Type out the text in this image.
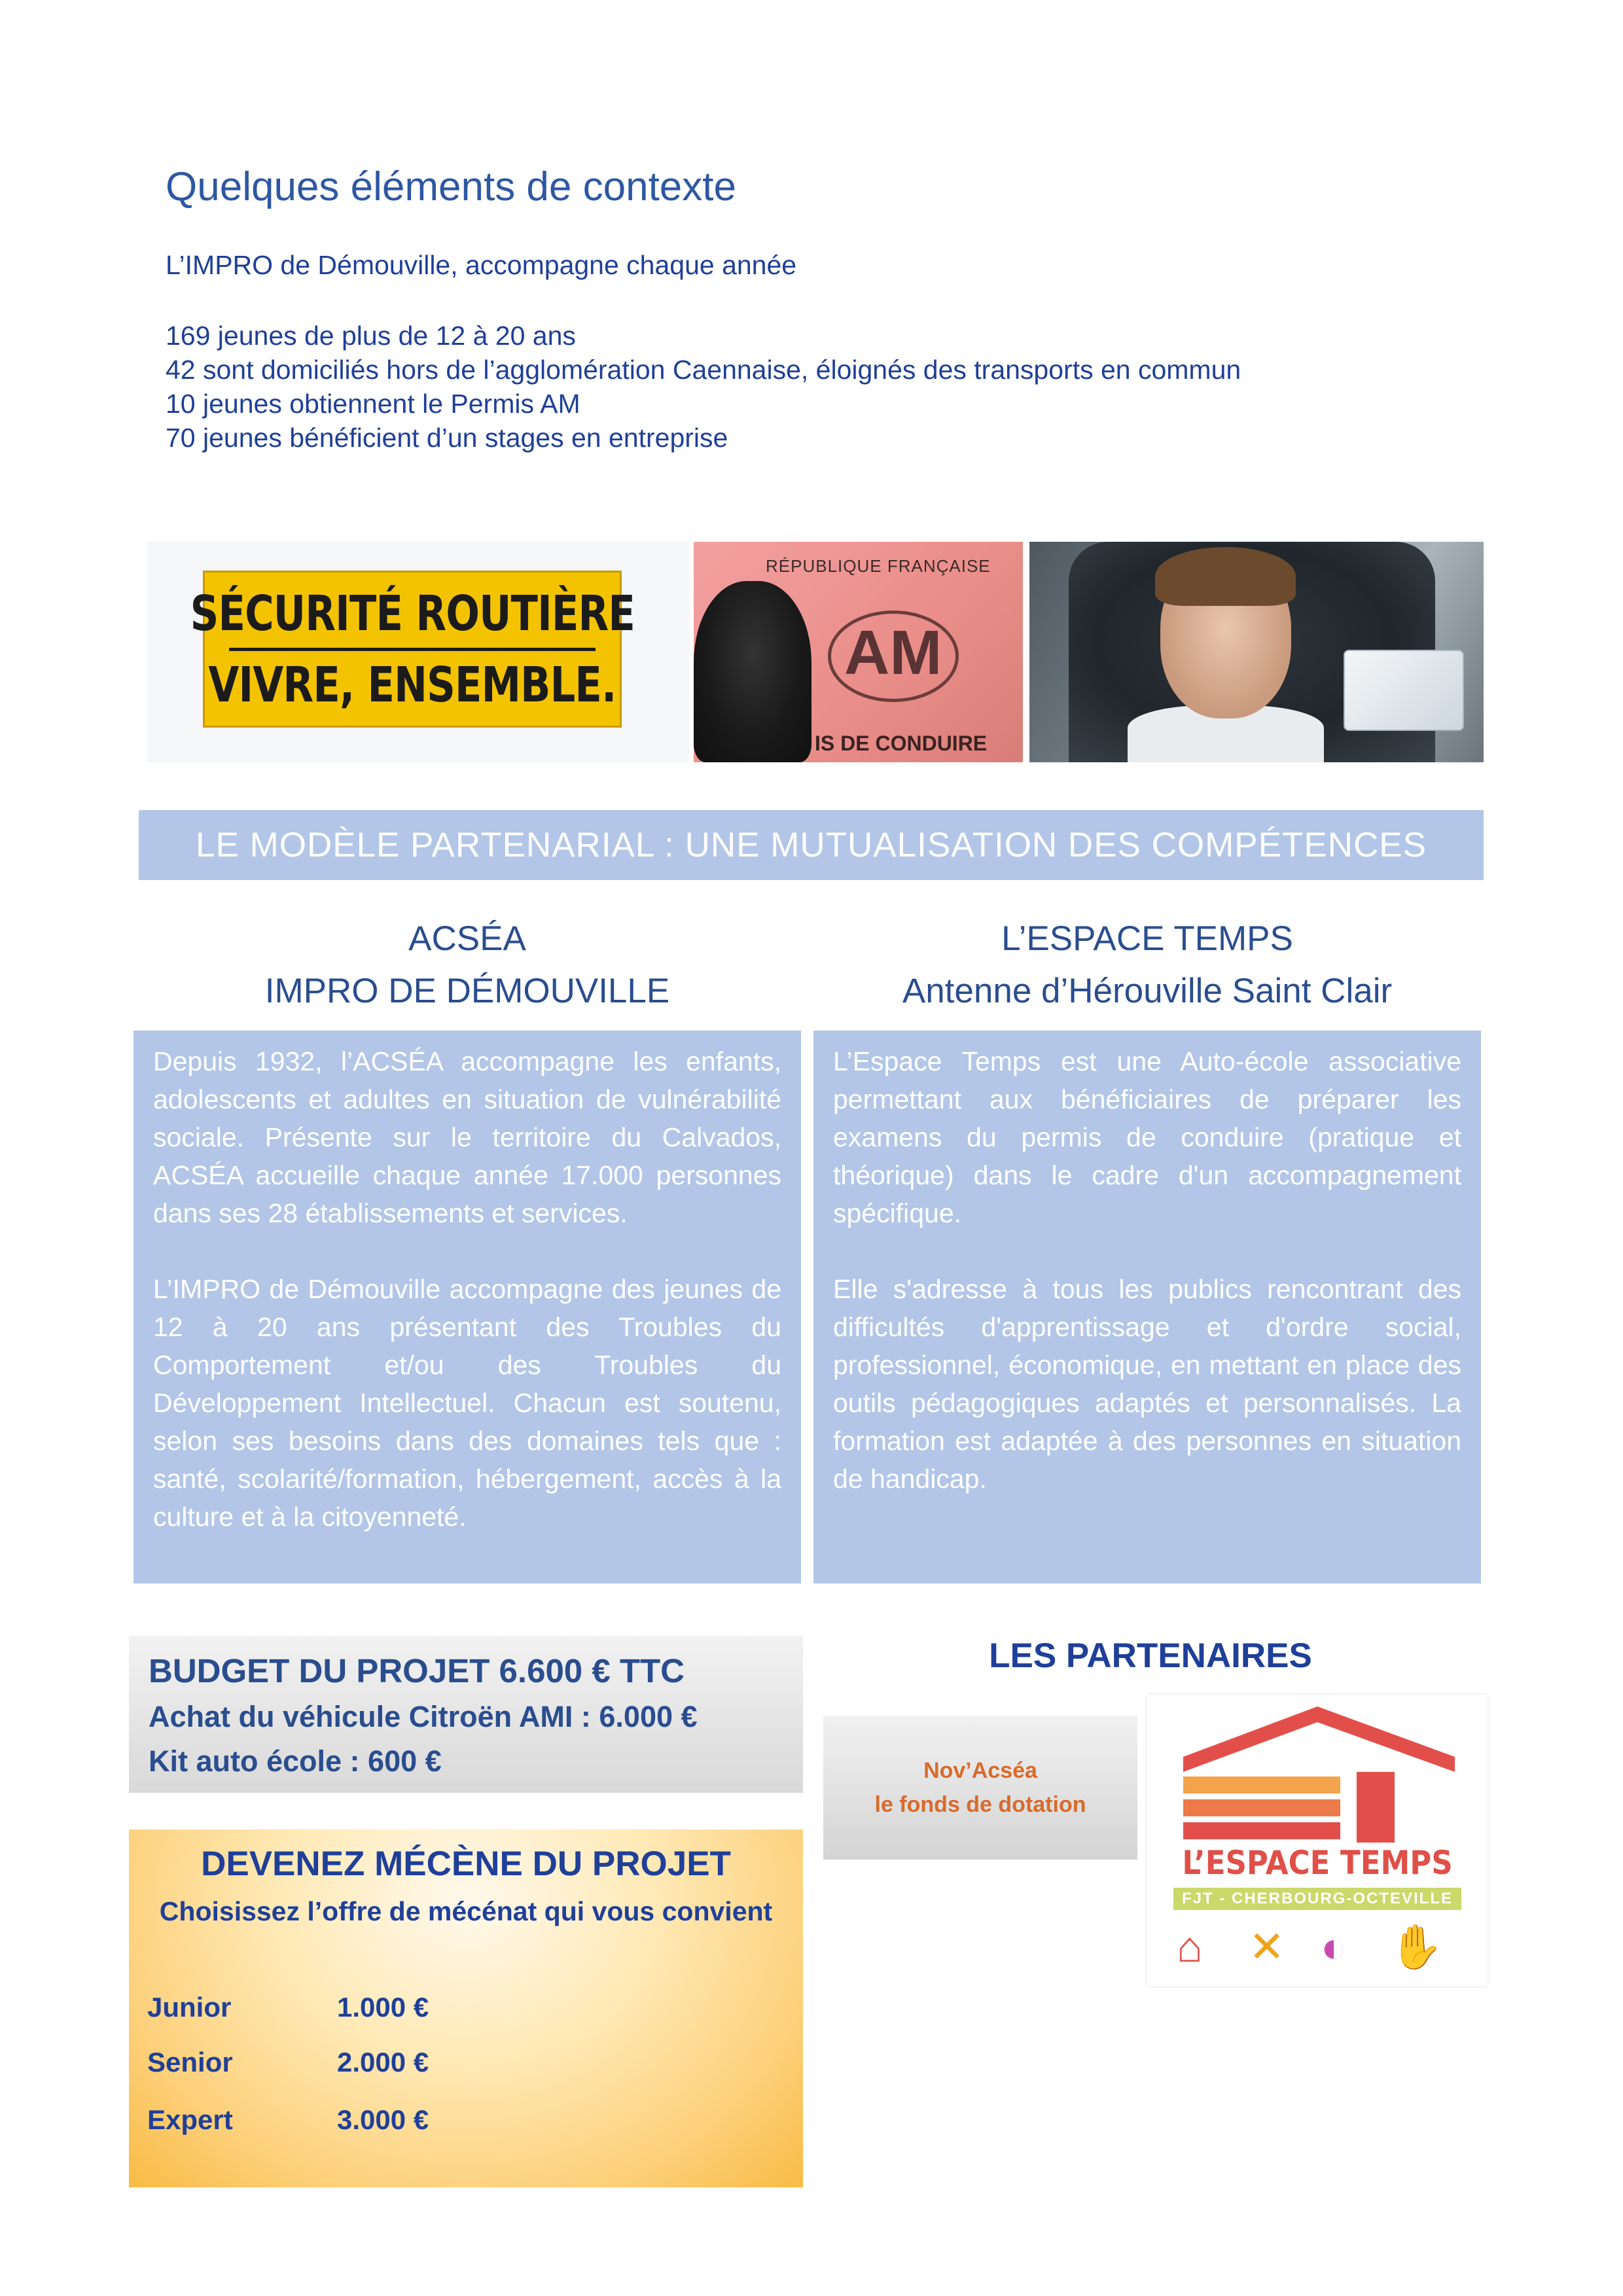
Quelques éléments de contexte
L’IMPRO de Démouville, accompagne chaque année
169 jeunes de plus de 12 à 20 ans
42 sont domiciliés hors de l’agglomération Caennaise, éloignés des transports en commun
10 jeunes obtiennent le Permis AM
70 jeunes bénéficient d’un stages en entreprise
SÉCURITÉ ROUTIÈRE
VIVRE, ENSEMBLE.
RÉPUBLIQUE FRANÇAISE
AM
IS DE CONDUIRE
LE MODÈLE PARTENARIAL : UNE MUTUALISATION DES COMPÉTENCES
ACSÉA
IMPRO DE DÉMOUVILLE
L’ESPACE TEMPS
Antenne d’Hérouville Saint Clair

Depuis 1932, l’ACSÉA accompagne les enfants, adolescents et adultes en situation de vulnérabilité sociale. Présente sur le territoire du Calvados, ACSÉA accueille chaque année 17.000 personnes dans ses 28 établissements et services.

L’IMPRO de Démouville accompagne des jeunes de 12 à 20 ans présentant des Troubles du Comportement et/ou des Troubles du Développement Intellectuel. Chacun est soutenu, selon ses besoins dans des domaines tels que : santé, scolarité/formation, hébergement, accès à la culture et à la citoyenneté.

L’Espace Temps est une Auto-école associative permettant aux bénéficiaires de préparer les examens du permis de conduire (pratique et théorique) dans le cadre d'un accompagnement spécifique.

Elle s'adresse à tous les publics rencontrant des difficultés d'apprentissage et d'ordre social, professionnel, économique, en mettant en place des outils pédagogiques adaptés et personnalisés. La formation est adaptée à des personnes en situation de handicap.

BUDGET DU PROJET 6.600 € TTC
Achat du véhicule Citroën AMI : 6.000 €
Kit auto école : 600 €
DEVENEZ MÉCÈNE DU PROJET
Choisissez l’offre de mécénat qui vous convient
Junior	1.000 €
Senior	2.000 €
Expert	3.000 €
LES PARTENAIRES
Nov’Acséa
le fonds de dotation
L’ESPACE TEMPS
FJT - CHERBOURG-OCTEVILLE
⌂ ✕ ◐ ✋
